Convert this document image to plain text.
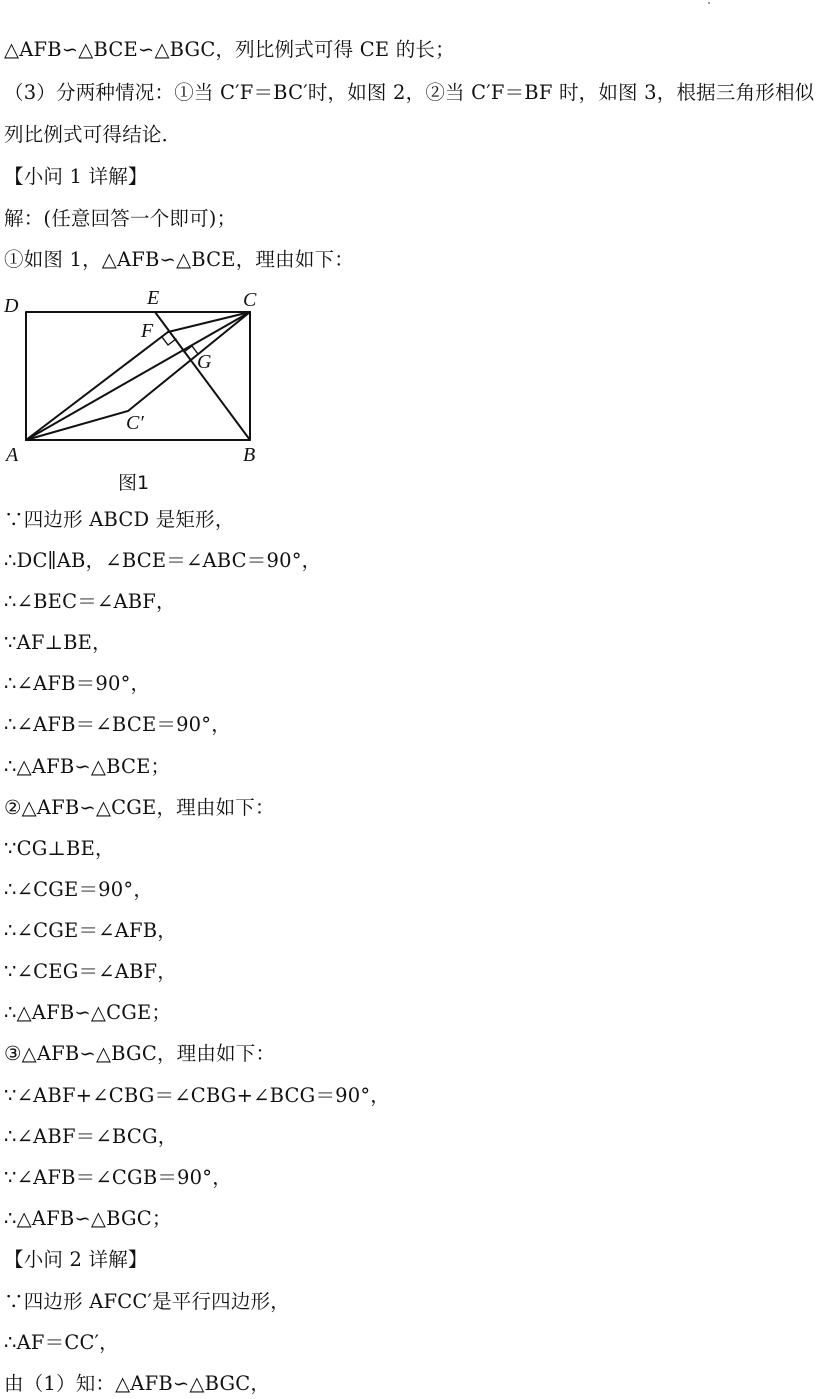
△AFB∽△BCE∽△BGC，列比例式可得 CE 的长；
（3）分两种情况：①当 C′F＝BC′时，如图 2，②当 C′F＝BF 时，如图 3，根据三角形相似
列比例式可得结论．
【小问 1 详解】
解：(任意回答一个即可)；
①如图 1，△AFB∽△BCE，理由如下：
D	E	C
F
G
C′
A	B
图1
∵四边形 ABCD 是矩形，
∴DC∥AB，∠BCE＝∠ABC＝90°，
∴∠BEC＝∠ABF，
∵AF⊥BE，
∴∠AFB＝90°，
∴∠AFB＝∠BCE＝90°，
∴△AFB∽△BCE；
②△AFB∽△CGE，理由如下：
∵CG⊥BE，
∴∠CGE＝90°，
∴∠CGE＝∠AFB，
∵∠CEG＝∠ABF，
∴△AFB∽△CGE；
③△AFB∽△BGC，理由如下：
∵∠ABF+∠CBG＝∠CBG+∠BCG＝90°，
∴∠ABF＝∠BCG，
∵∠AFB＝∠CGB＝90°，
∴△AFB∽△BGC；
【小问 2 详解】
∵四边形 AFCC′是平行四边形，
∴AF＝CC′，
由（1）知：△AFB∽△BGC，
